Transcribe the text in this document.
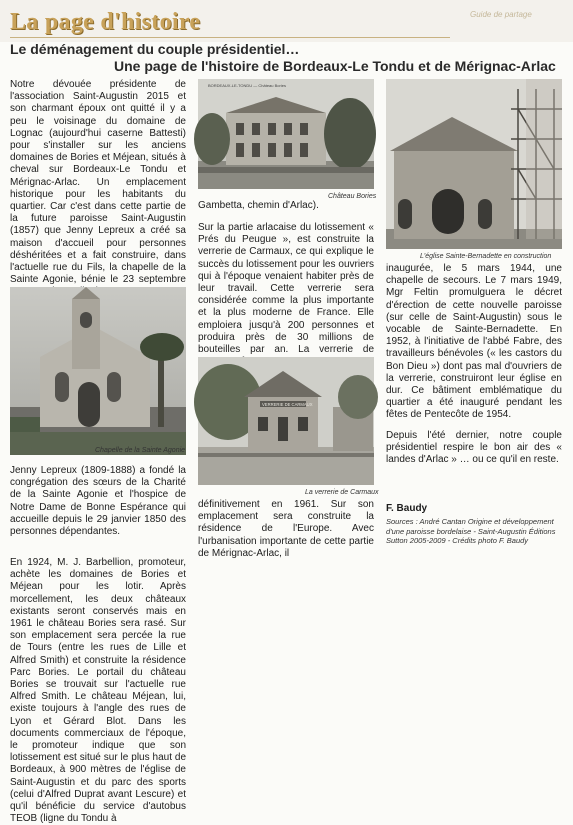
La page d'histoire	Guide de partage
Le déménagement du couple présidentiel…
Une page de l'histoire de Bordeaux-Le Tondu et de Mérignac-Arlac

Notre dévouée présidente de l'association Saint-Augustin 2015 et son charmant époux ont quitté il y a peu le voisinage du domaine de Lognac (aujourd'hui caserne Battesti) pour s'installer sur les anciens domaines de Bories et Méjean, situés à cheval sur Bordeaux-Le Tondu et Mérignac-Arlac. Un emplacement historique pour les habitants du quartier. Car c'est dans cette partie de la future paroisse Saint-Augustin (1857) que Jenny Lepreux a créé sa maison d'accueil pour personnes déshéritées et a fait construire, dans l'actuelle rue du Fils, la chapelle de la Sainte Agonie, bénie le 23 septembre

Chapelle de la Sainte Agonie

Jenny Lepreux (1809-1888) a fondé la congrégation des sœurs de la Charité de la Sainte Agonie et l'hospice de Notre Dame de Bonne Espérance qui accueille depuis le 29 janvier 1850 des personnes dépendantes.

En 1924, M. J. Barbellion, promoteur, achète les domaines de Bories et Méjean pour les lotir. Après morcellement, les deux châteaux existants seront conservés mais en 1961 le château Bories sera rasé. Sur son emplacement sera percée la rue de Tours (entre les rues de Lille et Alfred Smith) et construite la résidence Parc Bories. Le portail du château Bories se trouvait sur l'actuelle rue Alfred Smith. Le château Méjean, lui, existe toujours à l'angle des rues de Lyon et Gérard Blot. Dans les documents commerciaux de l'époque, le promoteur indique que son lotissement est situé sur le plus haut de Bordeaux, à 900 mètres de l'église de Saint-Augustin et du parc des sports (celui d'Alfred Duprat avant Lescure) et qu'il bénéficie du service d'autobus TEOB (ligne du Tondu à

BORDEAUX-LE-TONDU — Château Bories
Château Bories
L'église Sainte-Bernadette en construction

Gambetta, chemin d'Arlac).

Sur la partie arlacaise du lotissement « Prés du Peugue », est construite la verrerie de Carmaux, ce qui explique le succès du lotissement pour les ouvriers qui à l'époque venaient habiter près de leur travail. Cette verrerie sera considérée comme la plus importante et la plus moderne de France. Elle emploiera jusqu'à 200 personnes et produira près de 30 millions de bouteilles par an. La verrerie de

VERRERIE DE CARMAUX
La verrerie de Carmaux

définitivement en 1961. Sur son emplacement sera construite la résidence de l'Europe. Avec l'urbanisation importante de cette partie de Mérignac-Arlac, il

inaugurée, le 5 mars 1944, une chapelle de secours. Le 7 mars 1949, Mgr Feltin promulguera le décret d'érection de cette nouvelle paroisse (sur celle de Saint-Augustin) sous le vocable de Sainte-Bernadette. En 1952, à l'initiative de l'abbé Fabre, des travailleurs bénévoles (« les castors du Bon Dieu ») dont pas mal d'ouvriers de la verrerie, construiront leur église en dur. Ce bâtiment emblématique du quartier a été inauguré pendant les fêtes de Pentecôte de 1954.

Depuis l'été dernier, notre couple présidentiel respire le bon air des « landes d'Arlac » … ou ce qu'il en reste.

F. Baudy
Sources : André Cantan Origine et développement d'une paroisse bordelaise - Saint-Augustin Éditions Sutton 2005-2009 - Crédits photo F. Baudy
